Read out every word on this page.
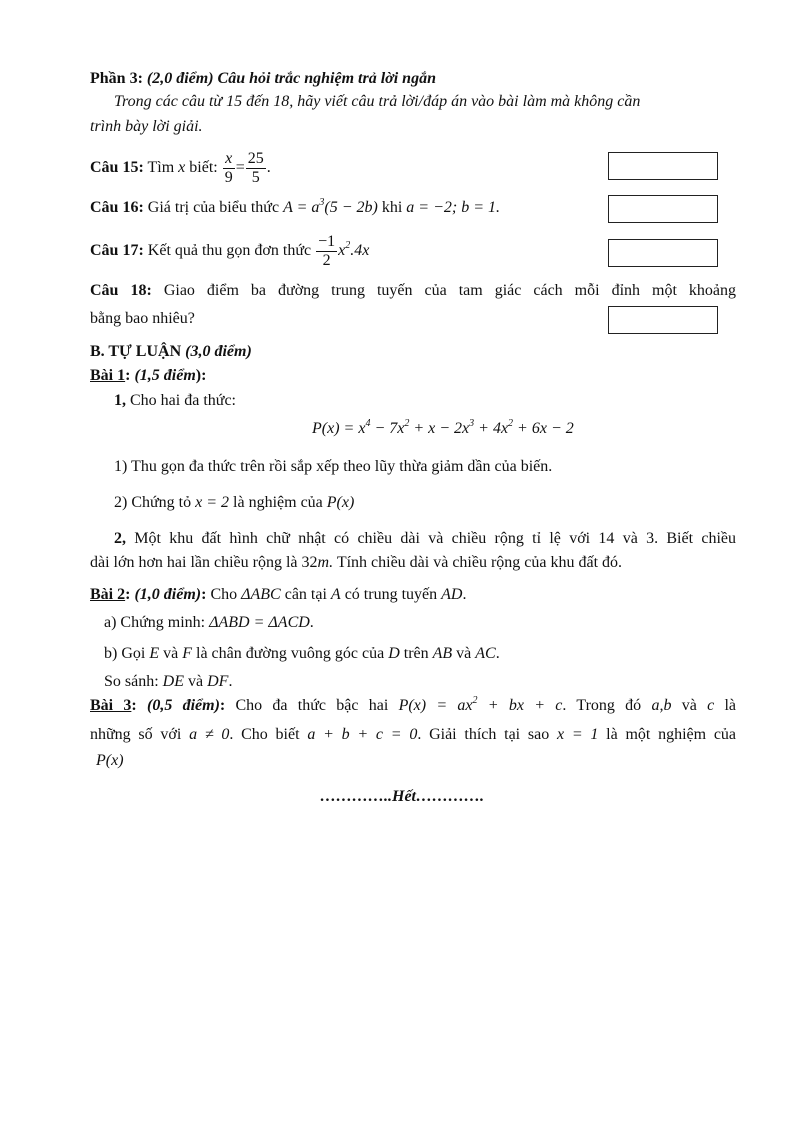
Phần 3: (2,0 điểm) Câu hỏi trắc nghiệm trả lời ngắn
Trong các câu từ 15 đến 18, hãy viết câu trả lời/đáp án vào bài làm mà không cần
trình bày lời giải.
Câu 15: Tìm x biết: $\frac{x}{9} = \frac{25}{5}$ .
Câu 16: Giá trị của biểu thức $A = a^3(5 - 2b)$ khi a = −2; b = 1.
Câu 17: Kết quả thu gọn đơn thức $\frac{-1}{2} x^2.4x$
Câu 18: Giao điểm ba đường trung tuyến của tam giác cách mỗi đỉnh một khoảng
bằng bao nhiêu?
B. TỰ LUẬN (3,0 điểm)
Bài 1: (1,5 điểm):
1, Cho hai đa thức:
$P(x) = x^4 - 7x^2 + x - 2x^3 + 4x^2 + 6x - 2$
1) Thu gọn đa thức trên rồi sắp xếp theo lũy thừa giảm dần của biến.
2) Chứng tỏ x = 2 là nghiệm của P(x)
2, Một khu đất hình chữ nhật có chiều dài và chiều rộng tỉ lệ với 14 và 3. Biết chiều
dài lớn hơn hai lần chiều rộng là 32m. Tính chiều dài và chiều rộng của khu đất đó.
Bài 2: (1,0 điểm): Cho ΔABC cân tại A có trung tuyến AD.
a) Chứng minh: ΔABD = ΔACD.
b) Gọi E và F là chân đường vuông góc của D trên AB và AC.
So sánh: DE và DF.
Bài 3: (0,5 điểm): Cho đa thức bậc hai $P(x) = ax^2$ + bx + c. Trong đó a,b và c là
những số với a ≠ 0. Cho biết a + b + c = 0. Giải thích tại sao x = 1 là một nghiệm của
P(x)
…………..Hết………….
